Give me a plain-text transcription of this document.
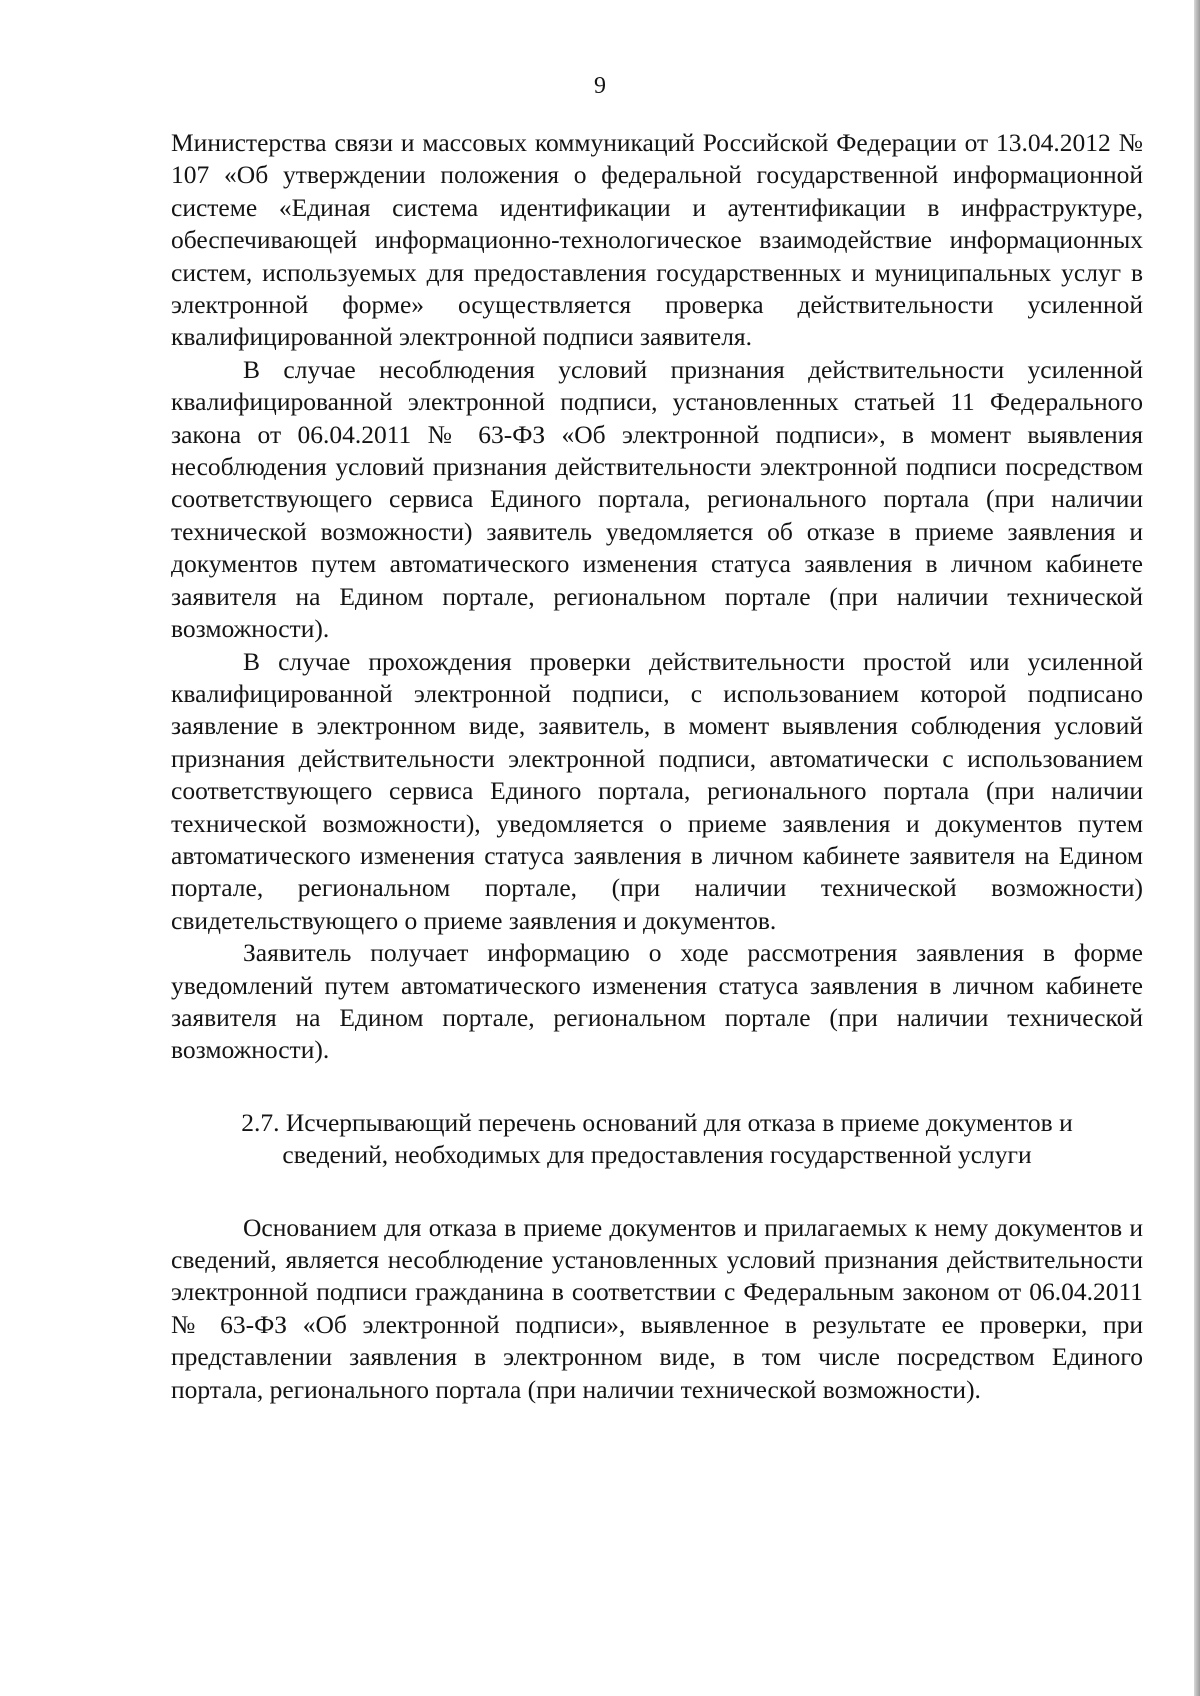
9

Министерства связи и массовых коммуникаций Российской Федерации от 13.04.2012 № 107 «Об утверждении положения о федеральной государственной информационной системе «Единая система идентификации и аутентификации в инфраструктуре, обеспечивающей информационно-технологическое взаимодействие информационных систем, используемых для предоставления государственных и муниципальных услуг в электронной форме» осуществляется проверка действительности усиленной квалифицированной электронной подписи заявителя.

В случае несоблюдения условий признания действительности усиленной квалифицированной электронной подписи, установленных статьей 11 Федерального закона от 06.04.2011 № 63-ФЗ «Об электронной подписи», в момент выявления несоблюдения условий признания действительности электронной подписи посредством соответствующего сервиса Единого портала, регионального портала (при наличии технической возможности) заявитель уведомляется об отказе в приеме заявления и документов путем автоматического изменения статуса заявления в личном кабинете заявителя на Едином портале, региональном портале (при наличии технической возможности).

В случае прохождения проверки действительности простой или усиленной квалифицированной электронной подписи, с использованием которой подписано заявление в электронном виде, заявитель, в момент выявления соблюдения условий признания действительности электронной подписи, автоматически с использованием соответствующего сервиса Единого портала, регионального портала (при наличии технической возможности), уведомляется о приеме заявления и документов путем автоматического изменения статуса заявления в личном кабинете заявителя на Едином портале, региональном портале, (при наличии технической возможности) свидетельствующего о приеме заявления и документов.

Заявитель получает информацию о ходе рассмотрения заявления в форме уведомлений путем автоматического изменения статуса заявления в личном кабинете заявителя на Едином портале, региональном портале (при наличии технической возможности).

2.7. Исчерпывающий перечень оснований для отказа в приеме документов и
сведений, необходимых для предоставления государственной услуги

Основанием для отказа в приеме документов и прилагаемых к нему документов и сведений, является несоблюдение установленных условий признания действительности электронной подписи гражданина в соответствии с Федеральным законом от 06.04.2011 № 63-ФЗ «Об электронной подписи», выявленное в результате ее проверки, при представлении заявления в электронном виде, в том числе посредством Единого портала, регионального портала (при наличии технической возможности).
